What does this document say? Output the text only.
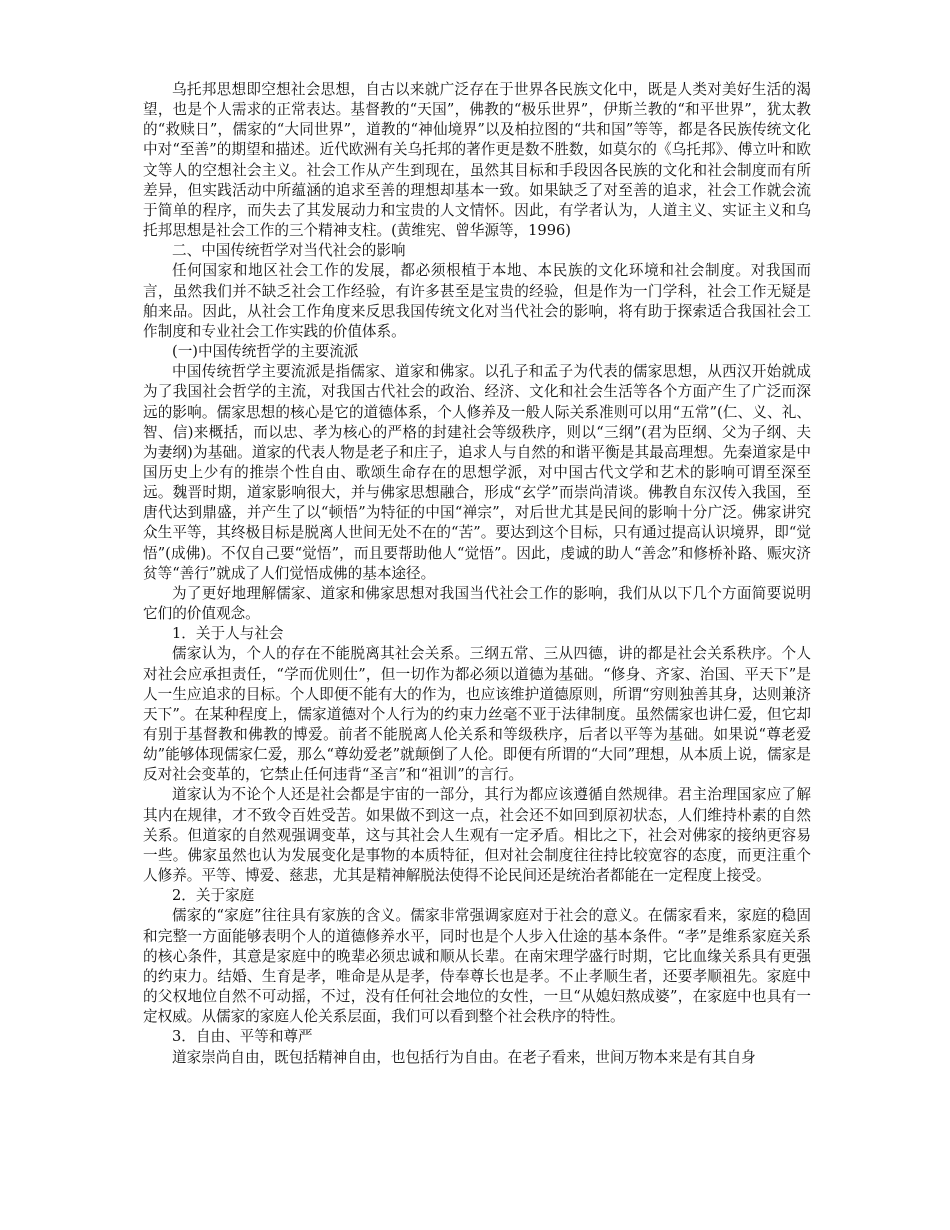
乌托邦思想即空想社会思想，自古以来就广泛存在于世界各民族文化中，既是人类对美好生活的渴望，也是个人需求的正常表达。基督教的“天国”，佛教的“极乐世界”，伊斯兰教的“和平世界”，犹太教的“救赎日”，儒家的“大同世界”，道教的“神仙境界”以及柏拉图的“共和国”等等，都是各民族传统文化中对“至善”的期望和描述。近代欧洲有关乌托邦的著作更是数不胜数，如莫尔的《乌托邦》、傅立叶和欧文等人的空想社会主义。社会工作从产生到现在，虽然其目标和手段因各民族的文化和社会制度而有所差异，但实践活动中所蕴涵的追求至善的理想却基本一致。如果缺乏了对至善的追求，社会工作就会流于简单的程序，而失去了其发展动力和宝贵的人文情怀。因此，有学者认为，人道主义、实证主义和乌托邦思想是社会工作的三个精神支柱。(黄维宪、曾华源等，1996)

二、中国传统哲学对当代社会的影响

任何国家和地区社会工作的发展，都必须根植于本地、本民族的文化环境和社会制度。对我国而言，虽然我们并不缺乏社会工作经验，有许多甚至是宝贵的经验，但是作为一门学科，社会工作无疑是舶来品。因此，从社会工作角度来反思我国传统文化对当代社会的影响，将有助于探索适合我国社会工作制度和专业社会工作实践的价值体系。

(一)中国传统哲学的主要流派

中国传统哲学主要流派是指儒家、道家和佛家。以孔子和孟子为代表的儒家思想，从西汉开始就成为了我国社会哲学的主流，对我国古代社会的政治、经济、文化和社会生活等各个方面产生了广泛而深远的影响。儒家思想的核心是它的道德体系，个人修养及一般人际关系准则可以用“五常”(仁、义、礼、智、信)来概括，而以忠、孝为核心的严格的封建社会等级秩序，则以“三纲”(君为臣纲、父为子纲、夫为妻纲)为基础。道家的代表人物是老子和庄子，追求人与自然的和谐平衡是其最高理想。先秦道家是中国历史上少有的推崇个性自由、歌颂生命存在的思想学派，对中国古代文学和艺术的影响可谓至深至远。魏晋时期，道家影响很大，并与佛家思想融合，形成“玄学”而崇尚清谈。佛教自东汉传入我国，至唐代达到鼎盛，并产生了以“顿悟”为特征的中国“禅宗”，对后世尤其是民间的影响十分广泛。佛家讲究众生平等，其终极目标是脱离人世间无处不在的“苦”。要达到这个目标，只有通过提高认识境界，即“觉悟”(成佛)。不仅自己要“觉悟”，而且要帮助他人“觉悟”。因此，虔诚的助人“善念”和修桥补路、赈灾济贫等“善行”就成了人们觉悟成佛的基本途径。

为了更好地理解儒家、道家和佛家思想对我国当代社会工作的影响，我们从以下几个方面简要说明它们的价值观念。

1．关于人与社会

儒家认为，个人的存在不能脱离其社会关系。三纲五常、三从四德，讲的都是社会关系秩序。个人对社会应承担责任，“学而优则仕”，但一切作为都必须以道德为基础。“修身、齐家、治国、平天下”是人一生应追求的目标。个人即便不能有大的作为，也应该维护道德原则，所谓“穷则独善其身，达则兼济天下”。在某种程度上，儒家道德对个人行为的约束力丝毫不亚于法律制度。虽然儒家也讲仁爱，但它却有别于基督教和佛教的博爱。前者不能脱离人伦关系和等级秩序，后者以平等为基础。如果说“尊老爱幼”能够体现儒家仁爱，那么“尊幼爱老”就颠倒了人伦。即便有所谓的“大同”理想，从本质上说，儒家是反对社会变革的，它禁止任何违背“圣言”和“祖训”的言行。

道家认为不论个人还是社会都是宇宙的一部分，其行为都应该遵循自然规律。君主治理国家应了解其内在规律，才不致令百姓受苦。如果做不到这一点，社会还不如回到原初状态，人们维持朴素的自然关系。但道家的自然观强调变革，这与其社会人生观有一定矛盾。相比之下，社会对佛家的接纳更容易一些。佛家虽然也认为发展变化是事物的本质特征，但对社会制度往往持比较宽容的态度，而更注重个人修养。平等、博爱、慈悲，尤其是精神解脱法使得不论民间还是统治者都能在一定程度上接受。

2．关于家庭

儒家的“家庭”往往具有家族的含义。儒家非常强调家庭对于社会的意义。在儒家看来，家庭的稳固和完整一方面能够表明个人的道德修养水平，同时也是个人步入仕途的基本条件。“孝”是维系家庭关系的核心条件，其意是家庭中的晚辈必须忠诚和顺从长辈。在南宋理学盛行时期，它比血缘关系具有更强的约束力。结婚、生育是孝，唯命是从是孝，侍奉尊长也是孝。不止孝顺生者，还要孝顺祖先。家庭中的父权地位自然不可动摇，不过，没有任何社会地位的女性，一旦“从媳妇熬成婆”，在家庭中也具有一定权威。从儒家的家庭人伦关系层面，我们可以看到整个社会秩序的特性。

3．自由、平等和尊严

道家崇尚自由，既包括精神自由，也包括行为自由。在老子看来，世间万物本来是有其自身
